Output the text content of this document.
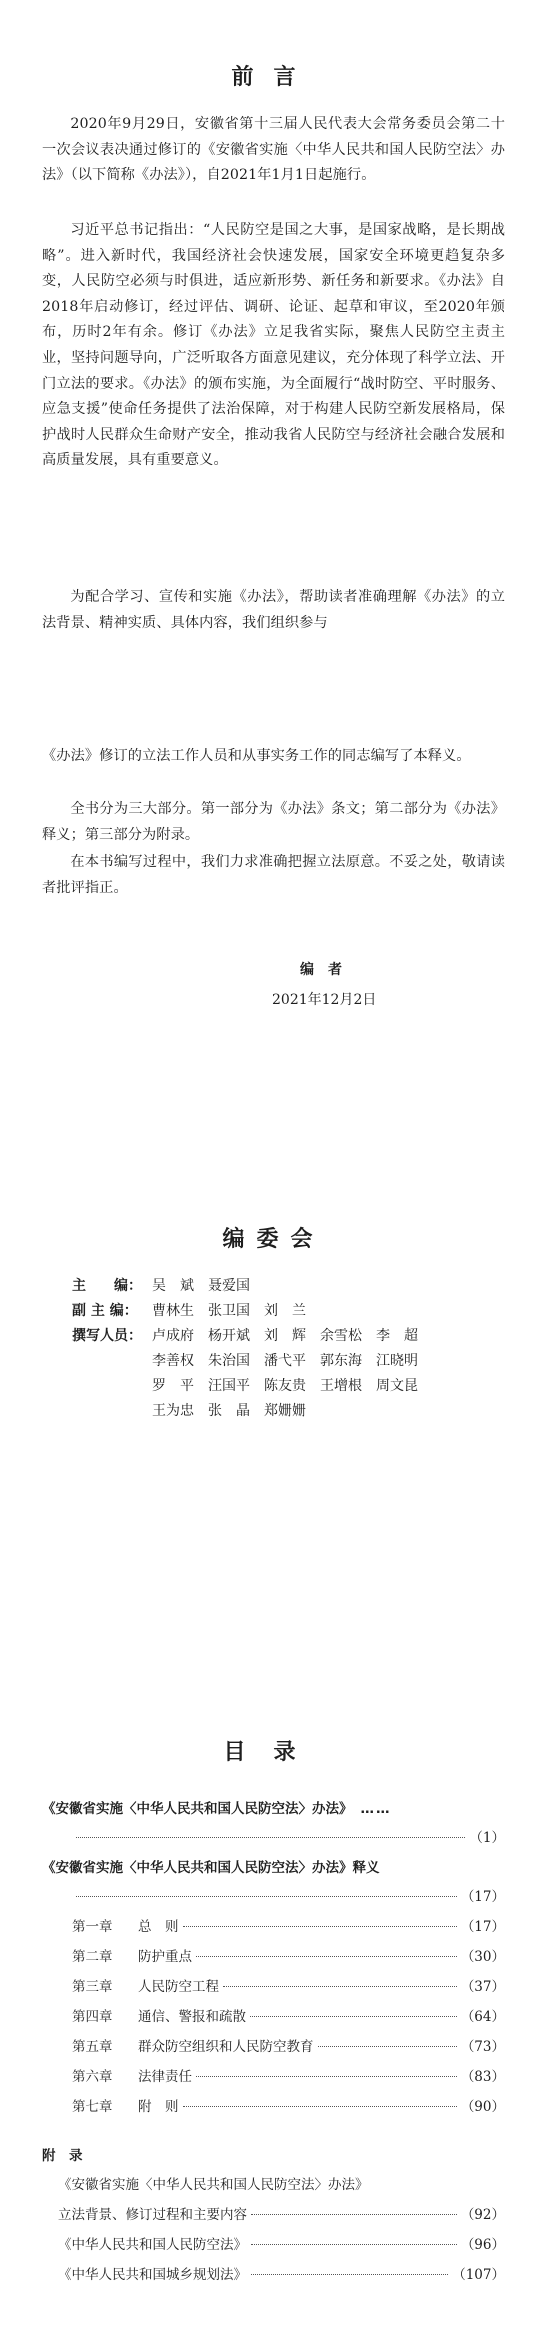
前言
2020年9月29日，安徽省第十三届人民代表大会常务委员会第二十一次会议表决通过修订的《安徽省实施〈中华人民共和国人民防空法〉办法》（以下简称《办法》），自2021年1月1日起施行。
习近平总书记指出：“人民防空是国之大事，是国家战略，是长期战略”。进入新时代，我国经济社会快速发展，国家安全环境更趋复杂多变，人民防空必须与时俱进，适应新形势、新任务和新要求。《办法》自2018年启动修订，经过评估、调研、论证、起草和审议，至2020年颁布，历时2年有余。修订《办法》立足我省实际，聚焦人民防空主责主业，坚持问题导向，广泛听取各方面意见建议，充分体现了科学立法、开门立法的要求。《办法》的颁布实施，为全面履行“战时防空、平时服务、应急支援”使命任务提供了法治保障，对于构建人民防空新发展格局，保护战时人民群众生命财产安全，推动我省人民防空与经济社会融合发展和高质量发展，具有重要意义。
为配合学习、宣传和实施《办法》，帮助读者准确理解《办法》的立法背景、精神实质、具体内容，我们组织参与
《办法》修订的立法工作人员和从事实务工作的同志编写了本释义。
全书分为三大部分。第一部分为《办法》条文；第二部分为《办法》释义；第三部分为附录。
在本书编写过程中，我们力求准确把握立法原意。不妥之处，敬请读者批评指正。
编者
2021年12月2日
编委会
主　　编： 吴　斌 聂爱国
副 主 编： 曹林生 张卫国 刘　兰
撰写人员： 卢成府 杨开斌 刘　辉 余雪松 李　超
李善权 朱治国 潘弋平 郭东海 江晓明
罗　平 汪国平 陈友贵 王增根 周文昆
王为忠 张　晶 郑姗姗
目录
《安徽省实施〈中华人民共和国人民防空法〉办法》 ……
（1）
《安徽省实施〈中华人民共和国人民防空法〉办法》释义
（17）
第一章	总　则	（17）
第二章	防护重点	（30）
第三章	人民防空工程	（37）
第四章	通信、警报和疏散	（64）
第五章	群众防空组织和人民防空教育	（73）
第六章	法律责任	（83）
第七章	附　则	（90）
附　录
《安徽省实施〈中华人民共和国人民防空法〉办法》
立法背景、修订过程和主要内容	（92）
《中华人民共和国人民防空法》	（96）
《中华人民共和国城乡规划法》	（107）
